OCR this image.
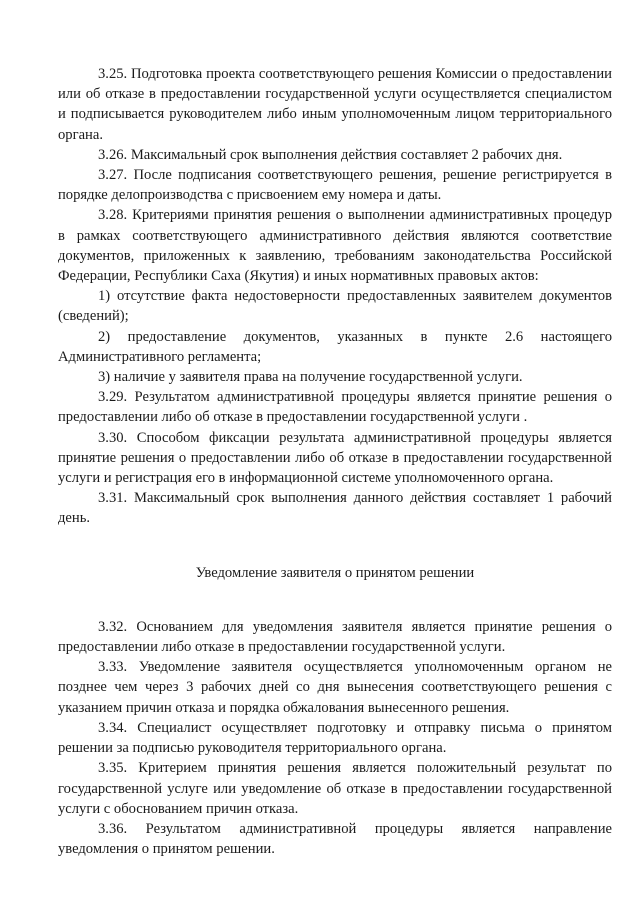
3.25. Подготовка проекта соответствующего решения Комиссии о предоставлении или об отказе в предоставлении государственной услуги осуществляется специалистом и подписывается руководителем либо иным уполномоченным лицом территориального органа.

3.26. Максимальный срок выполнения действия составляет 2 рабочих дня.

3.27. После подписания соответствующего решения, решение регистрируется в порядке делопроизводства с присвоением ему номера и даты.

3.28. Критериями принятия решения о выполнении административных процедур в рамках соответствующего административного действия являются соответствие документов, приложенных к заявлению, требованиям законодательства Российской Федерации, Республики Саха (Якутия) и иных нормативных правовых актов:

1) отсутствие факта недостоверности предоставленных заявителем документов (сведений);

2) предоставление документов, указанных в пункте 2.6 настоящего Административного регламента;

3) наличие у заявителя права на получение государственной услуги.

3.29. Результатом административной процедуры является принятие решения о предоставлении либо об отказе в предоставлении государственной услуги .

3.30. Способом фиксации результата административной процедуры является принятие решения о предоставлении либо об отказе в предоставлении государственной услуги и регистрация его в информационной системе уполномоченного органа.

3.31. Максимальный срок выполнения данного действия составляет 1 рабочий день.

Уведомление заявителя о принятом решении

3.32. Основанием для уведомления заявителя является принятие решения о предоставлении либо отказе в предоставлении государственной услуги.

3.33. Уведомление заявителя осуществляется уполномоченным органом не позднее чем через 3 рабочих дней со дня вынесения соответствующего решения с указанием причин отказа и порядка обжалования вынесенного решения.

3.34. Специалист осуществляет подготовку и отправку письма о принятом решении за подписью руководителя территориального органа.

3.35. Критерием принятия решения является положительный результат по государственной услуге или уведомление об отказе в предоставлении государственной услуги с обоснованием причин отказа.

3.36. Результатом административной процедуры является направление уведомления о принятом решении.
